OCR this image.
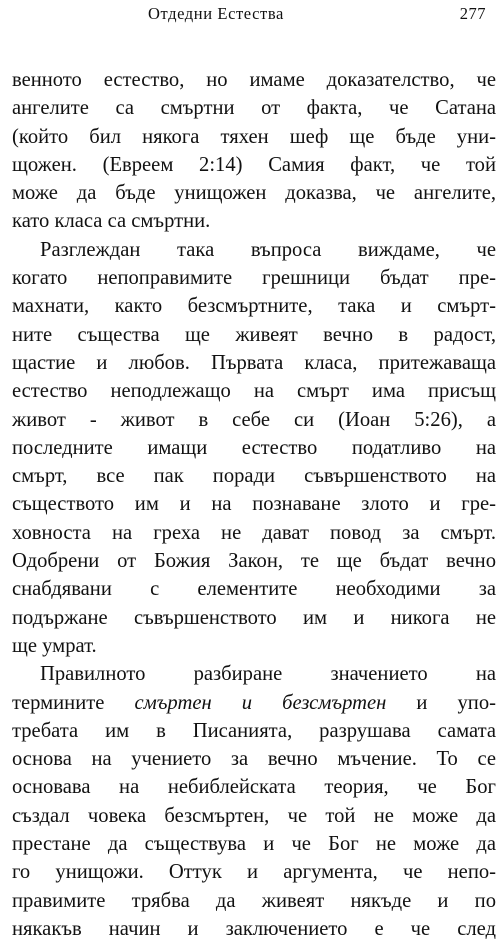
Отдедни Естества	277
венното естество, но имаме доказателство, че
ангелите са смъртни от факта, че Сатана
(който бил някога тяхен шеф ще бъде уни-
щожен. (Евреем 2:14) Самия факт, че той
може да бъде унищожен доказва, че ангелите,
като класа са смъртни.
Разглеждан така въпроса виждаме, че
когато непоправимите грешници бъдат пре-
махнати, както безсмъртните, така и смърт-
ните същества ще живеят вечно в радост,
щастие и любов. Първата класа, притежаваща
естество неподлежащо на смърт има присъщ
живот - живот в себе си (Иоан 5:26), а
последните имащи естество податливо на
смърт, все пак поради съвършенството на
съществото им и на познаване злото и гре-
ховноста на греха не дават повод за смърт.
Одобрени от Божия Закон, те ще бъдат вечно
снабдявани с елементите необходими за
подържане съвършенството им и никога не
ще умрат.
Правилното разбиране значението на
термините смъртен и безсмъртен и упо-
требата им в Писанията, разрушава самата
основа на учението за вечно мъчение. То се
основава на небиблейската теория, че Бог
създал човека безсмъртен, че той не може да
престане да съществува и че Бог не може да
го унищожи. Оттук и аргумента, че непо-
правимите трябва да живеят някъде и по
някакъв начин и заключението е че след
